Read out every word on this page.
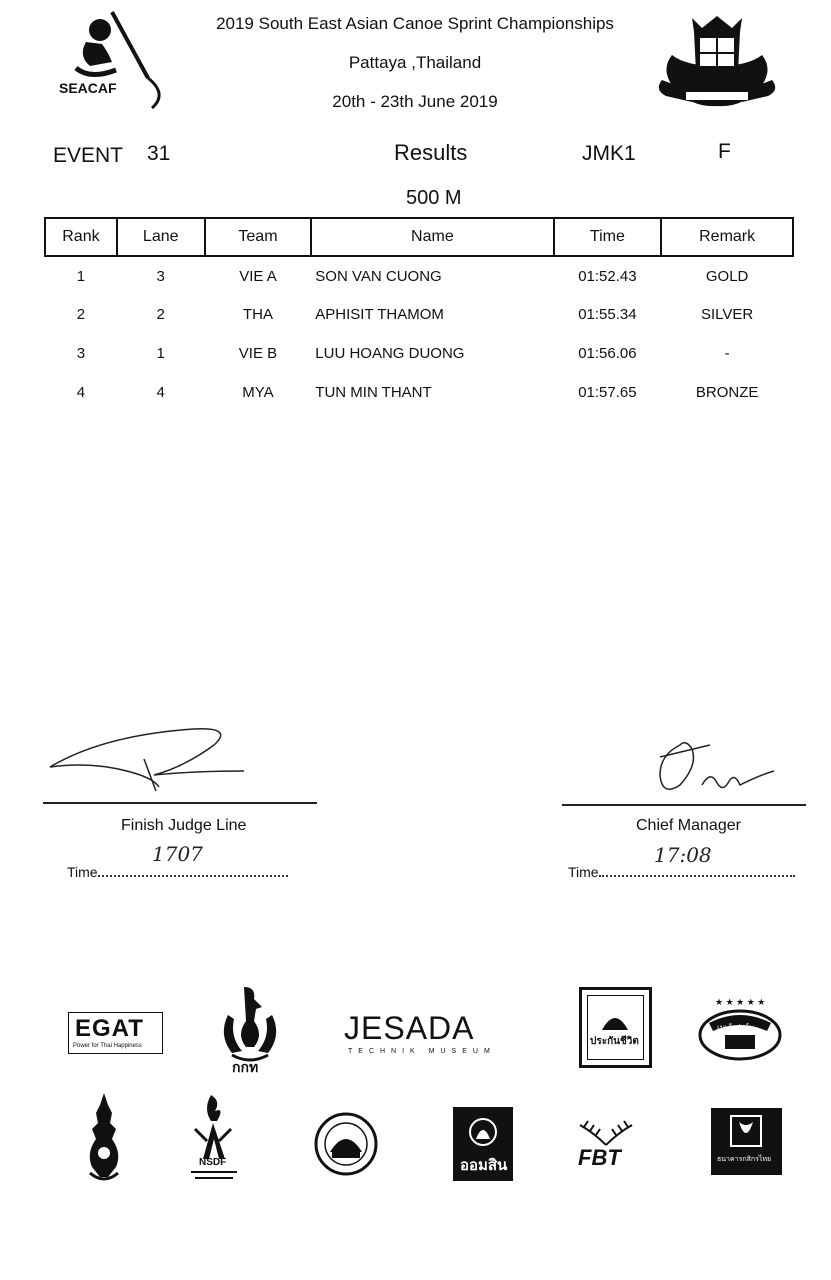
SEACAF
2019 South East Asian Canoe Sprint Championships
Pattaya ,Thailand
20th - 23th June 2019
EVENT 31	Results	JMK1	F
500 M
Rank	Lane	Team	Name	Time	Remark
1	3	VIE A	SON VAN CUONG	01:52.43	GOLD
2	2	THA	APHISIT THAMOM	01:55.34	SILVER
3	1	VIE B	LUU HOANG DUONG	01:56.06	-
4	4	MYA	TUN MIN THANT	01:57.65	BRONZE
Finish Judge Line
Time
1707
Chief Manager
Time
17:08
EGAT
Power for Thai Happiness
กกท
JESADA
TECHNIK MUSEUM
ประกันชีวิต
★ ★ ★ ★ ★
เบเก้ ฟาร์ม
NSDF	ออมสิน	FBT	ธนาคารกสิกรไทย
